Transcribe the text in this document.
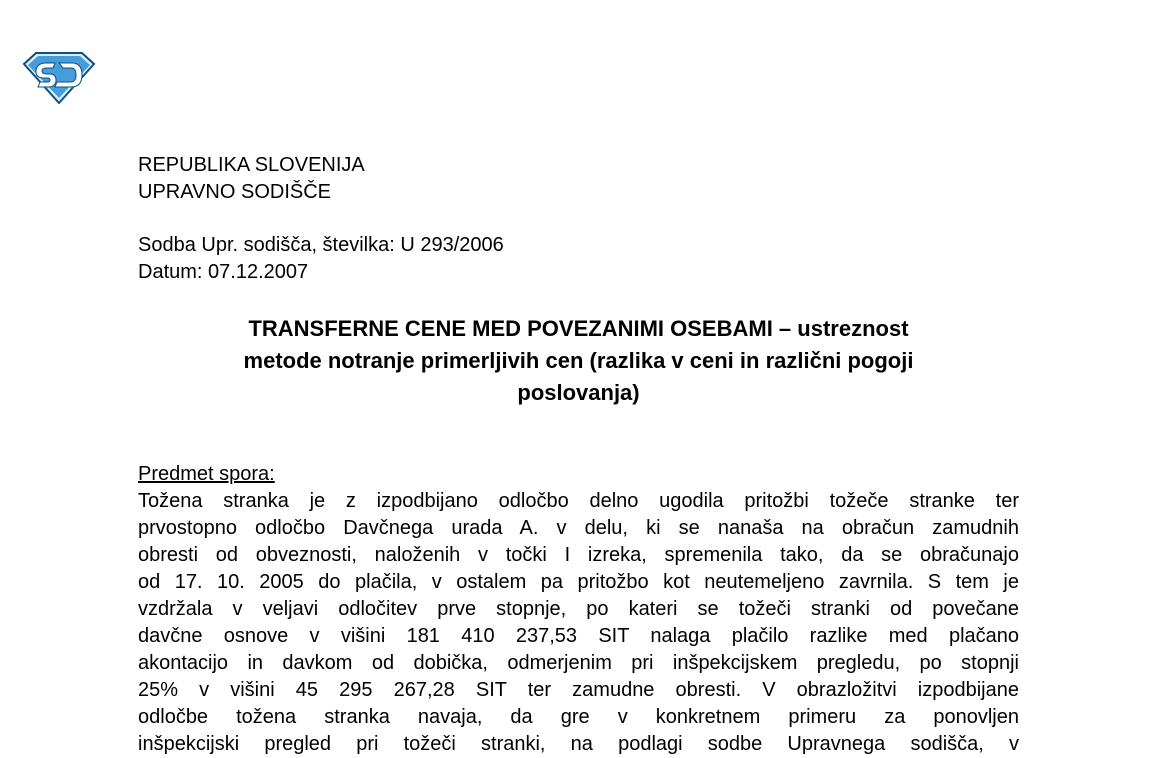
REPUBLIKA SLOVENIJA
UPRAVNO SODIŠČE
Sodba Upr. sodišča, številka: U 293/2006
Datum: 07.12.2007
TRANSFERNE CENE MED POVEZANIMI OSEBAMI – ustreznost
metode notranje primerljivih cen (razlika v ceni in različni pogoji
poslovanja)
Predmet spora:
Tožena stranka je z izpodbijano odločbo delno ugodila pritožbi tožeče stranke ter
prvostopno odločbo Davčnega urada A. v delu, ki se nanaša na obračun zamudnih
obresti od obveznosti, naloženih v točki I izreka, spremenila tako, da se obračunajo
od 17. 10. 2005 do plačila, v ostalem pa pritožbo kot neutemeljeno zavrnila. S tem je
vzdržala v veljavi odločitev prve stopnje, po kateri se tožeči stranki od povečane
davčne osnove v višini 181 410 237,53 SIT nalaga plačilo razlike med plačano
akontacijo in davkom od dobička, odmerjenim pri inšpekcijskem pregledu, po stopnji
25% v višini 45 295 267,28 SIT ter zamudne obresti. V obrazložitvi izpodbijane
odločbe tožena stranka navaja, da gre v konkretnem primeru za ponovljen
inšpekcijski pregled pri tožeči stranki, na podlagi sodbe Upravnega sodišča, v
